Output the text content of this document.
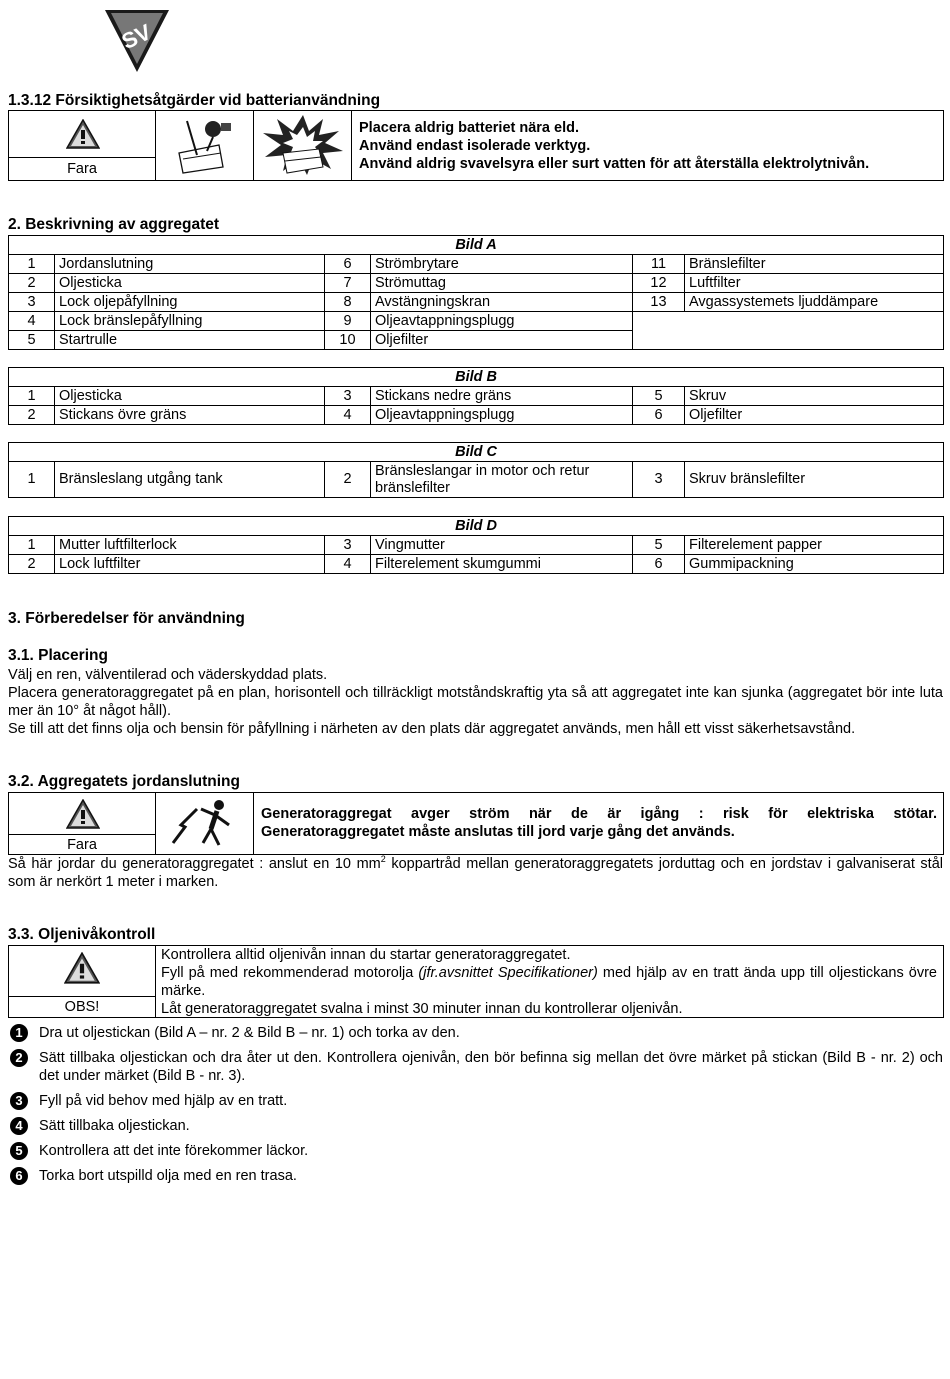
SV
1.3.12 Försiktighetsåtgärder vid batterianvändning
Fara
Placera aldrig batteriet nära eld.
Använd endast isolerade verktyg.
Använd aldrig svavelsyra eller surt vatten för att återställa elektrolytnivån.
2. Beskrivning av aggregatet
Bild A					
1	Jordanslutning	6	Strömbrytare	11	Bränslefilter
2	Oljesticka	7	Strömuttag	12	Luftfilter
3	Lock oljepåfyllning	8	Avstängningskran	13	Avgassystemets ljuddämpare
4	Lock bränslepåfyllning	9	Oljeavtappningsplugg		
5	Startrulle	10	Oljefilter		
Bild B					
1	Oljesticka	3	Stickans nedre gräns	5	Skruv
2	Stickans övre gräns	4	Oljeavtappningsplugg	6	Oljefilter
Bild C
1	Bränsleslang utgång tank	2	Bränsleslangar in motor och retur bränslefilter	3	Skruv bränslefilter
Bild D					
1	Mutter luftfilterlock	3	Vingmutter	5	Filterelement papper
2	Lock luftfilter	4	Filterelement skumgummi	6	Gummipackning
3. Förberedelser för användning
3.1. Placering

Välj en ren, välventilerad och väderskyddad plats.

Placera generatoraggregatet på en plan, horisontell och tillräckligt motståndskraftig yta så att aggregatet inte kan sjunka (aggregatet bör inte luta mer än 10° åt något håll).

Se till att det finns olja och bensin för påfyllning i närheten av den plats där aggregatet används, men håll ett visst säkerhetsavstånd.

3.2. Aggregatets jordanslutning
Fara
Generatoraggregat avger ström när de är igång : risk för elektriska stötar.
Generatoraggregatet måste anslutas till jord varje gång det används.

Så här jordar du generatoraggregatet : anslut en 10 $mm^2$ koppartråd mellan generatoraggregatets jorduttag och en jordstav i galvaniserat stål som är nerkört 1 meter i marken.

3.3. Oljenivåkontroll
OBS!
Kontrollera alltid oljenivån innan du startar generatoraggregatet.
Fyll på med rekommenderad motorolja (jfr.avsnittet Specifikationer) med hjälp av en tratt ända upp till oljestickans övre märke.
Låt generatoraggregatet svalna i minst 30 minuter innan du kontrollerar oljenivån.
1	Dra ut oljestickan (Bild A – nr. 2 & Bild B – nr. 1) och torka av den.
2	Sätt tillbaka oljestickan och dra åter ut den. Kontrollera ojenivån, den bör befinna sig mellan det övre märket på stickan (Bild B - nr. 2) och det under märket (Bild B - nr. 3).
3	Fyll på vid behov med hjälp av en tratt.
4	Sätt tillbaka oljestickan.
5	Kontrollera att det inte förekommer läckor.
6	Torka bort utspilld olja med en ren trasa.
